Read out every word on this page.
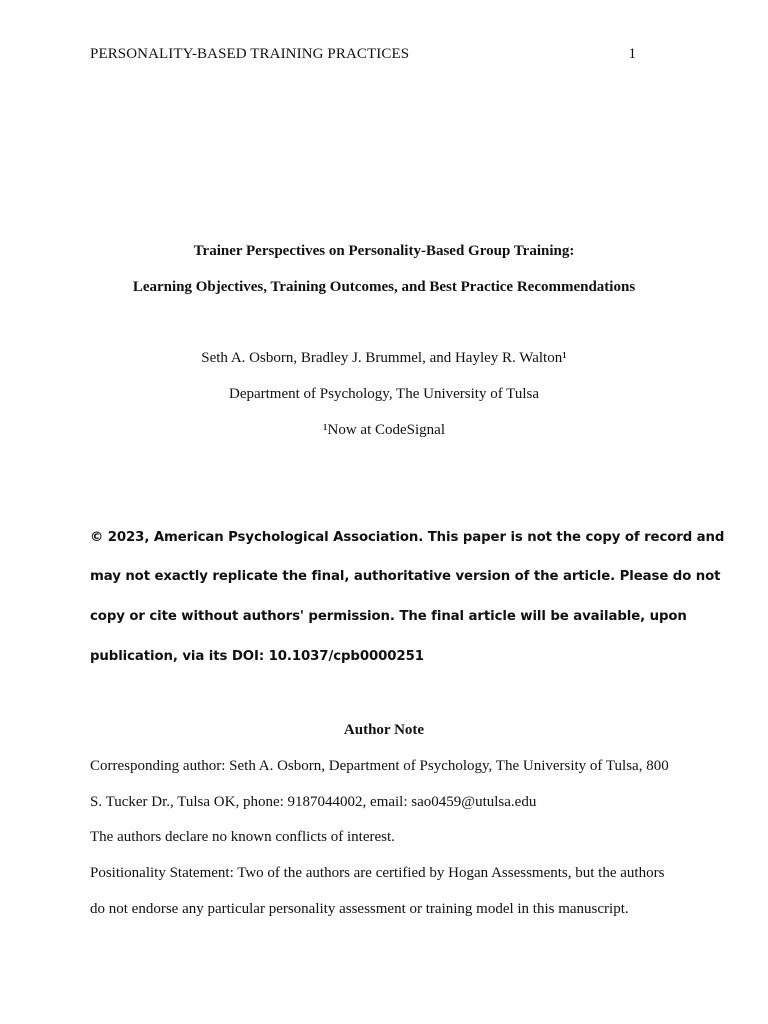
PERSONALITY-BASED TRAINING PRACTICES	1
Trainer Perspectives on Personality-Based Group Training:
Learning Objectives, Training Outcomes, and Best Practice Recommendations
Seth A. Osborn, Bradley J. Brummel, and Hayley R. Walton¹
Department of Psychology, The University of Tulsa
¹Now at CodeSignal
© 2023, American Psychological Association. This paper is not the copy of record and
may not exactly replicate the final, authoritative version of the article. Please do not
copy or cite without authors' permission. The final article will be available, upon
publication, via its DOI: 10.1037/cpb0000251
Author Note
Corresponding author: Seth A. Osborn, Department of Psychology, The University of Tulsa, 800
S. Tucker Dr., Tulsa OK, phone: 9187044002, email: sao0459@utulsa.edu
The authors declare no known conflicts of interest.
Positionality Statement: Two of the authors are certified by Hogan Assessments, but the authors
do not endorse any particular personality assessment or training model in this manuscript.
